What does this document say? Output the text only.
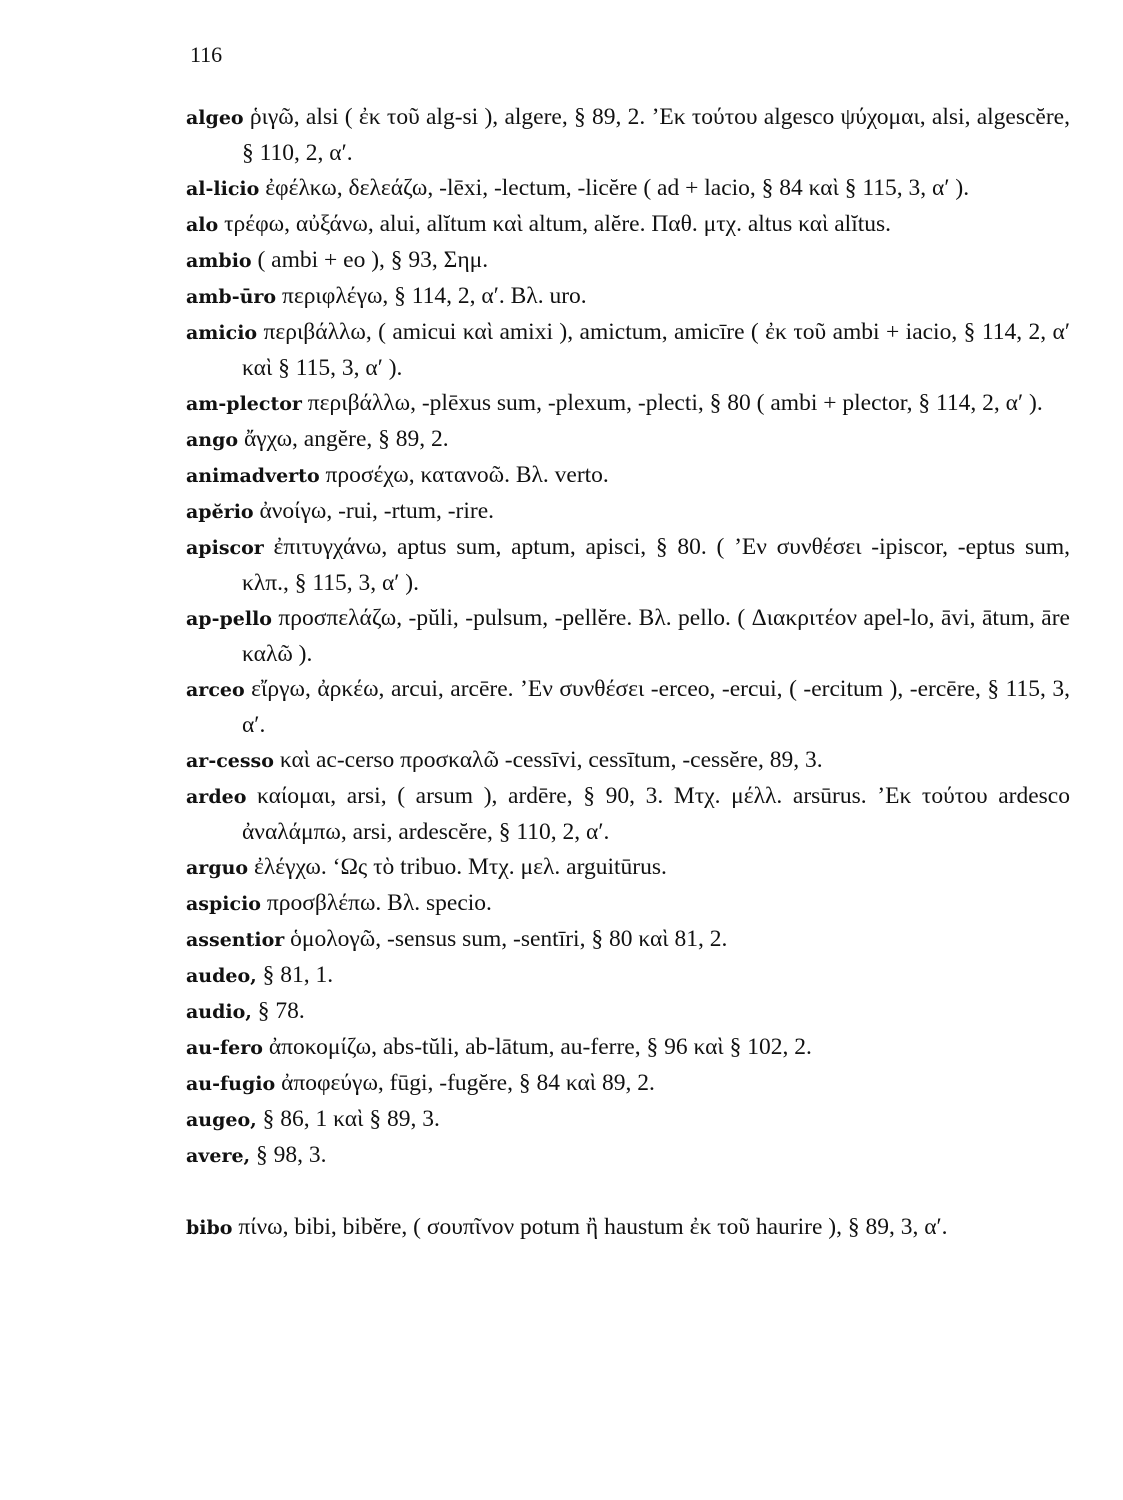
116

algeo ῥιγῶ, alsi ( ἐκ τοῦ alg-si ), algere, § 89, 2. ’Εκ τούτου algesco ψύχομαι, alsi, algescĕre, § 110, 2, α′.

al-licio ἐφέλκω, δελεάζω, -lēxi, -lectum, -licĕre ( ad + lacio, § 84 καὶ § 115, 3, α′ ).

alo τρέφω, αὐξάνω, alui, alĭtum καὶ altum, alĕre. Παθ. μτχ. altus καὶ alĭtus.

ambio ( ambi + eo ), § 93, Σημ.

amb-ūro περιφλέγω, § 114, 2, α′. Βλ. uro.

amicio περιβάλλω, ( amicui καὶ amixi ), amictum, amicīre ( ἐκ τοῦ ambi + iacio, § 114, 2, α′ καὶ § 115, 3, α′ ).

am-plector περιβάλλω, -plēxus sum, -plexum, -plecti, § 80 ( ambi + plector, § 114, 2, α′ ).

ango ἄγχω, angĕre, § 89, 2.

animadverto προσέχω, κατανοῶ. Βλ. verto.

apĕrio ἀνοίγω, -rui, -rtum, -rire.

apiscor ἐπιτυγχάνω, aptus sum, aptum, apisci, § 80. ( ’Εν συνθέσει -ipiscor, -eptus sum, κλπ., § 115, 3, α′ ).

ap-pello προσπελάζω, -pŭli, -pulsum, -pellĕre. Βλ. pello. ( Διακριτέον apel-lo, āvi, ātum, āre καλῶ ).

arceo εἴργω, ἀρκέω, arcui, arcēre. ’Εν συνθέσει -erceo, -ercui, ( -ercitum ), -ercēre, § 115, 3, α′.

ar-cesso καὶ ac-cerso προσκαλῶ -cessīvi, cessītum, -cessĕre, 89, 3.

ardeo καίομαι, arsi, ( arsum ), ardēre, § 90, 3. Μτχ. μέλλ. arsūrus. ’Εκ τούτου ardesco ἀναλάμπω, arsi, ardescĕre, § 110, 2, α′.

arguo ἐλέγχω. ‘Ως τὸ tribuo. Μτχ. μελ. arguitūrus.

aspicio προσβλέπω. Βλ. specio.

assentior ὁμολογῶ, -sensus sum, -sentīri, § 80 καὶ 81, 2.

audeo, § 81, 1.

audio, § 78.

au-fero ἀποκομίζω, abs-tŭli, ab-lātum, au-ferre, § 96 καὶ § 102, 2.

au-fugio ἀποφεύγω, fūgi, -fugĕre, § 84 καὶ 89, 2.

augeo, § 86, 1 καὶ § 89, 3.

avere, § 98, 3.

bibo πίνω, bibi, bibĕre, ( σουπῖνον potum ἢ haustum ἐκ τοῦ haurire ), § 89, 3, α′.
